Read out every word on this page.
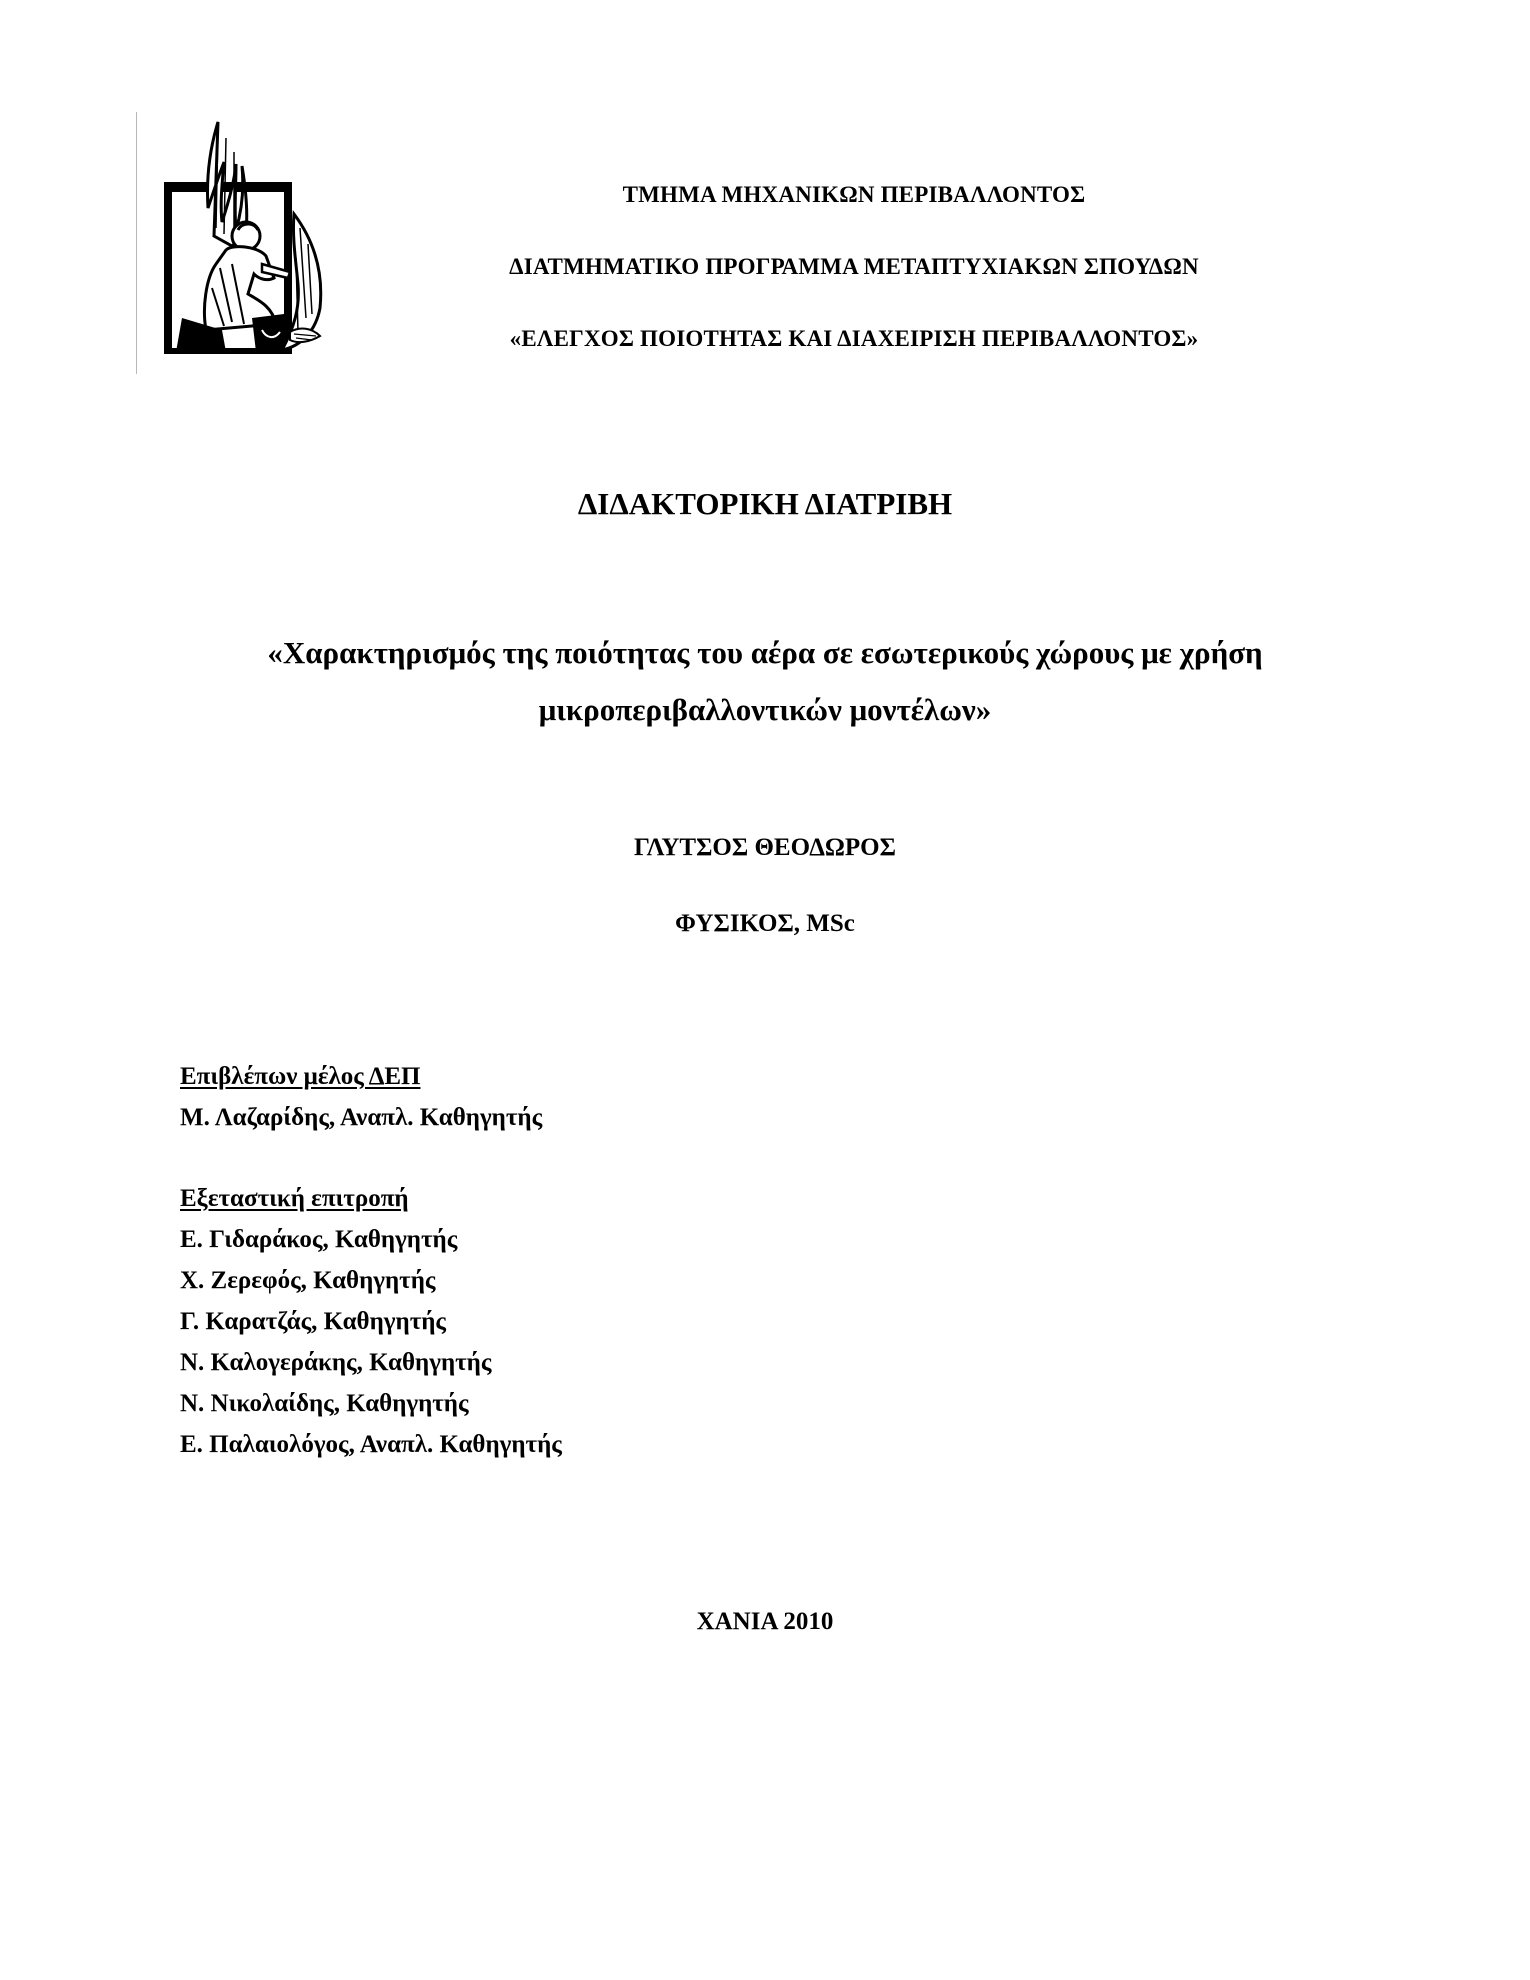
ΤΜΗΜΑ ΜΗΧΑΝΙΚΩΝ ΠΕΡΙΒΑΛΛΟΝΤΟΣ
ΔΙΑΤΜΗΜΑΤΙΚΟ ΠΡΟΓΡΑΜΜΑ ΜΕΤΑΠΤΥΧΙΑΚΩΝ ΣΠΟΥΔΩΝ
«ΕΛΕΓΧΟΣ ΠΟΙΟΤΗΤΑΣ ΚΑΙ ΔΙΑΧΕΙΡΙΣΗ ΠΕΡΙΒΑΛΛΟΝΤΟΣ»
ΔΙΔΑΚΤΟΡΙΚΗ ΔΙΑΤΡΙΒΗ
«Χαρακτηρισμός της ποιότητας του αέρα σε εσωτερικούς χώρους με χρήση
μικροπεριβαλλοντικών μοντέλων»
ΓΛΥΤΣΟΣ ΘΕΟΔΩΡΟΣ
ΦΥΣΙΚΟΣ, MSc
Επιβλέπων μέλος ΔΕΠ
Μ. Λαζαρίδης, Αναπλ. Καθηγητής
Εξεταστική επιτροπή
Ε. Γιδαράκος, Καθηγητής
Χ. Ζερεφός, Καθηγητής
Γ. Καρατζάς, Καθηγητής
Ν. Καλογεράκης, Καθηγητής
Ν. Νικολαίδης, Καθηγητής
Ε. Παλαιολόγος, Αναπλ. Καθηγητής
ΧΑΝΙΑ 2010
